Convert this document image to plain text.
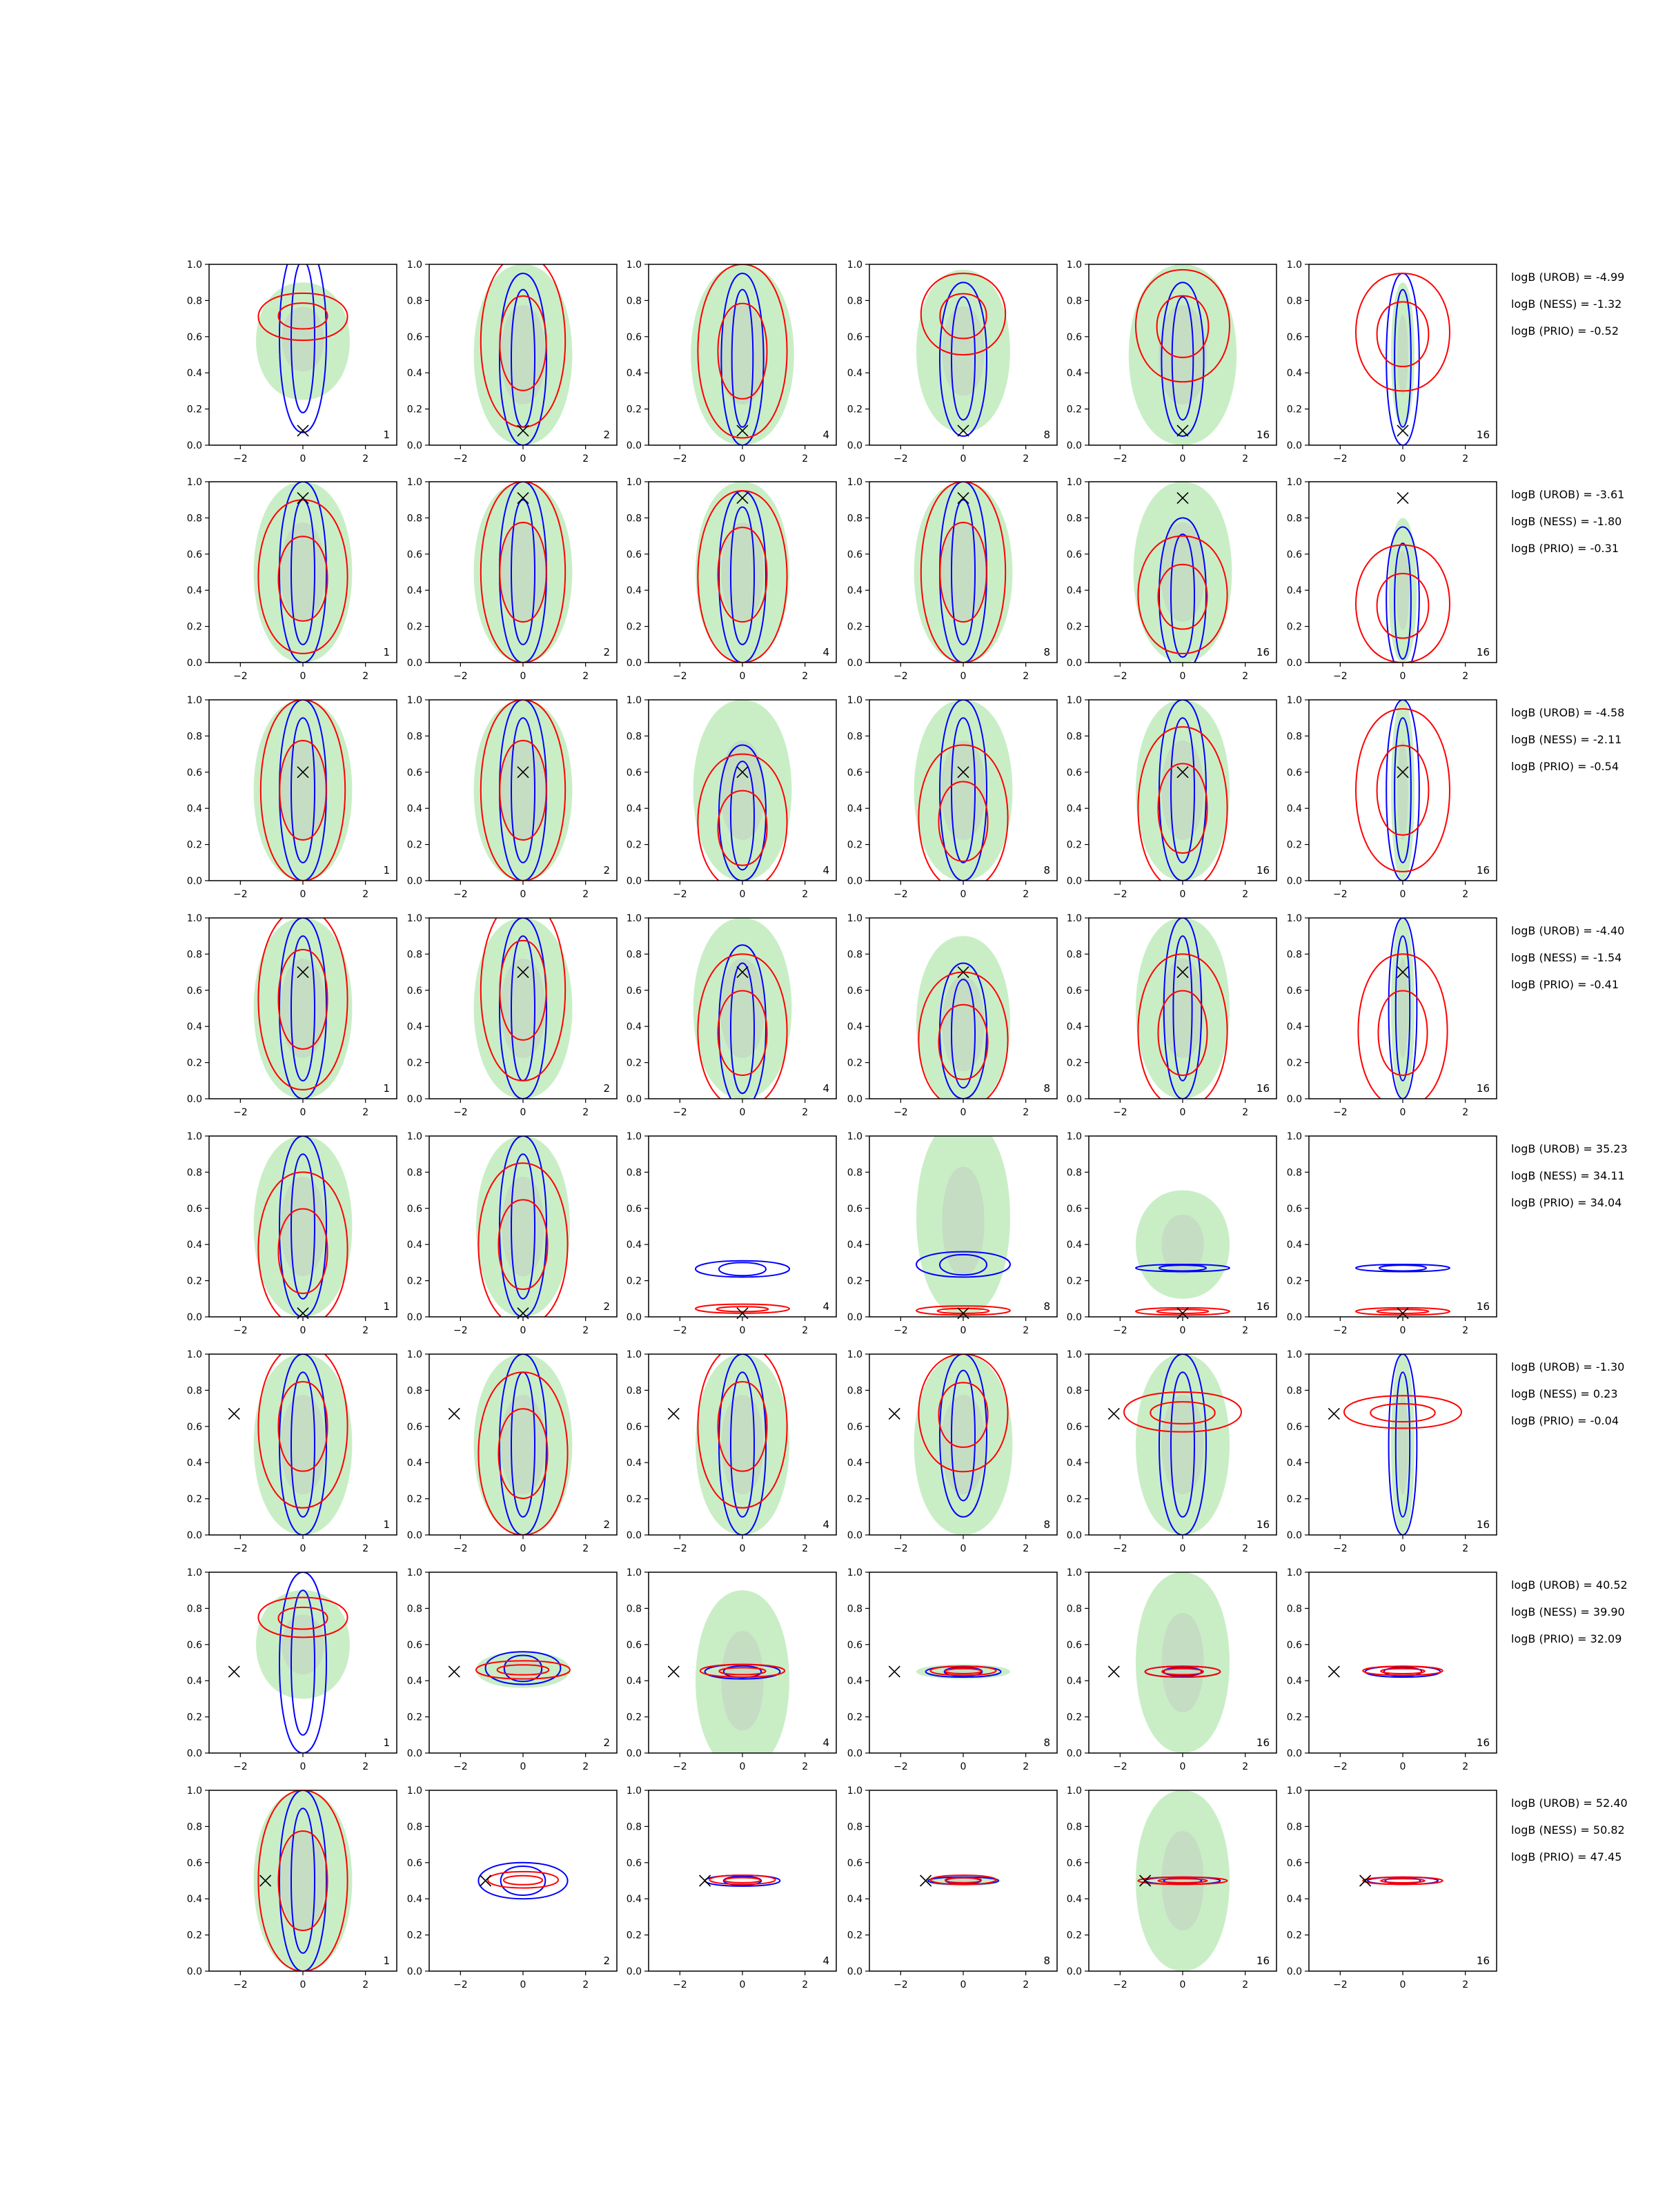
0.0
0.2
0.4
0.6
0.8
1.0
−2	0	2
1
0.0
0.2
0.4
0.6
0.8
1.0
−2	0	2
2
0.0
0.2
0.4
0.6
0.8
1.0
−2	0	2
4
0.0
0.2
0.4
0.6
0.8
1.0
−2	0	2
8
0.0
0.2
0.4
0.6
0.8
1.0
−2	0	2
16
0.0
0.2
0.4
0.6
0.8
1.0
−2	0	2
16
logB (UROB) = -4.99
logB (NESS) = -1.32
logB (PRIO) = -0.52
0.0
0.2
0.4
0.6
0.8
1.0
−2	0	2
1
0.0
0.2
0.4
0.6
0.8
1.0
−2	0	2
2
0.0
0.2
0.4
0.6
0.8
1.0
−2	0	2
4
0.0
0.2
0.4
0.6
0.8
1.0
−2	0	2
8
0.0
0.2
0.4
0.6
0.8
1.0
−2	0	2
16
0.0
0.2
0.4
0.6
0.8
1.0
−2	0	2
16
logB (UROB) = -3.61
logB (NESS) = -1.80
logB (PRIO) = -0.31
0.0
0.2
0.4
0.6
0.8
1.0
−2	0	2
1
0.0
0.2
0.4
0.6
0.8
1.0
−2	0	2
2
0.0
0.2
0.4
0.6
0.8
1.0
−2	0	2
4
0.0
0.2
0.4
0.6
0.8
1.0
−2	0	2
8
0.0
0.2
0.4
0.6
0.8
1.0
−2	0	2
16
0.0
0.2
0.4
0.6
0.8
1.0
−2	0	2
16
logB (UROB) = -4.58
logB (NESS) = -2.11
logB (PRIO) = -0.54
0.0
0.2
0.4
0.6
0.8
1.0
−2	0	2
1
0.0
0.2
0.4
0.6
0.8
1.0
−2	0	2
2
0.0
0.2
0.4
0.6
0.8
1.0
−2	0	2
4
0.0
0.2
0.4
0.6
0.8
1.0
−2	0	2
8
0.0
0.2
0.4
0.6
0.8
1.0
−2	0	2
16
0.0
0.2
0.4
0.6
0.8
1.0
−2	0	2
16
logB (UROB) = -4.40
logB (NESS) = -1.54
logB (PRIO) = -0.41
0.0
0.2
0.4
0.6
0.8
1.0
−2	0	2
1
0.0
0.2
0.4
0.6
0.8
1.0
−2	0	2
2
0.0
0.2
0.4
0.6
0.8
1.0
−2	0	2
4
0.0
0.2
0.4
0.6
0.8
1.0
−2	0	2
8
0.0
0.2
0.4
0.6
0.8
1.0
−2	0	2
16
0.0
0.2
0.4
0.6
0.8
1.0
−2	0	2
16
logB (UROB) = 35.23
logB (NESS) = 34.11
logB (PRIO) = 34.04
0.0
0.2
0.4
0.6
0.8
1.0
−2	0	2
1
0.0
0.2
0.4
0.6
0.8
1.0
−2	0	2
2
0.0
0.2
0.4
0.6
0.8
1.0
−2	0	2
4
0.0
0.2
0.4
0.6
0.8
1.0
−2	0	2
8
0.0
0.2
0.4
0.6
0.8
1.0
−2	0	2
16
0.0
0.2
0.4
0.6
0.8
1.0
−2	0	2
16
logB (UROB) = -1.30
logB (NESS) = 0.23
logB (PRIO) = -0.04
0.0
0.2
0.4
0.6
0.8
1.0
−2	0	2
1
0.0
0.2
0.4
0.6
0.8
1.0
−2	0	2
2
0.0
0.2
0.4
0.6
0.8
1.0
−2	0	2
4
0.0
0.2
0.4
0.6
0.8
1.0
−2	0	2
8
0.0
0.2
0.4
0.6
0.8
1.0
−2	0	2
16
0.0
0.2
0.4
0.6
0.8
1.0
−2	0	2
16
logB (UROB) = 40.52
logB (NESS) = 39.90
logB (PRIO) = 32.09
0.0
0.2
0.4
0.6
0.8
1.0
−2	0	2
1
0.0
0.2
0.4
0.6
0.8
1.0
−2	0	2
2
0.0
0.2
0.4
0.6
0.8
1.0
−2	0	2
4
0.0
0.2
0.4
0.6
0.8
1.0
−2	0	2
8
0.0
0.2
0.4
0.6
0.8
1.0
−2	0	2
16
0.0
0.2
0.4
0.6
0.8
1.0
−2	0	2
16
logB (UROB) = 52.40
logB (NESS) = 50.82
logB (PRIO) = 47.45
